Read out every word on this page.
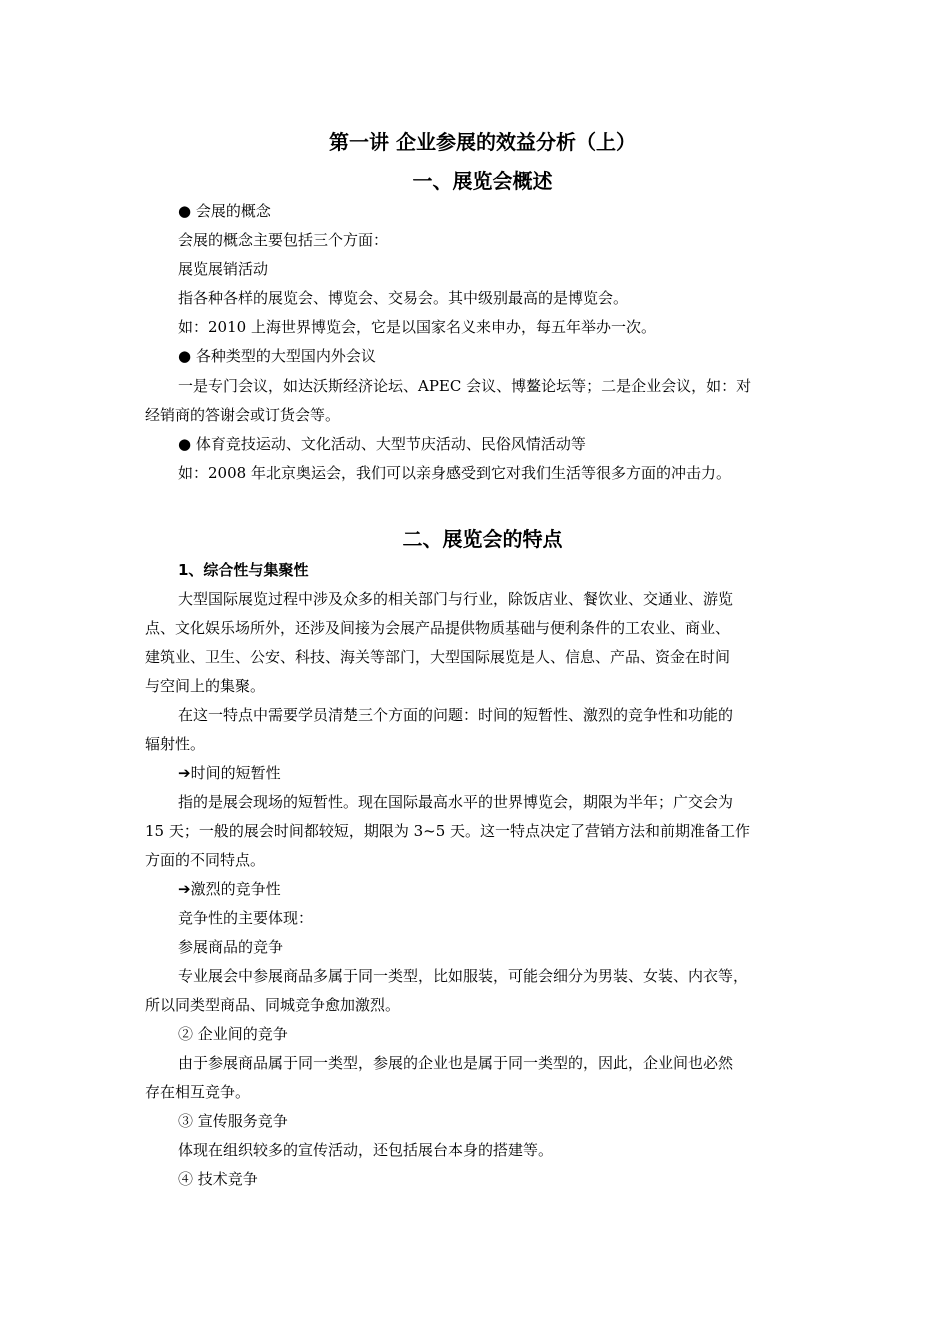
第一讲 企业参展的效益分析（上）
一、展览会概述
● 会展的概念
会展的概念主要包括三个方面：
展览展销活动
指各种各样的展览会、博览会、交易会。其中级别最高的是博览会。
如：2010 上海世界博览会，它是以国家名义来申办，每五年举办一次。
● 各种类型的大型国内外会议
一是专门会议，如达沃斯经济论坛、APEC 会议、博鳌论坛等；二是企业会议，如：对
经销商的答谢会或订货会等。
● 体育竞技运动、文化活动、大型节庆活动、民俗风情活动等
如：2008 年北京奥运会，我们可以亲身感受到它对我们生活等很多方面的冲击力。
二、展览会的特点
1、综合性与集聚性
大型国际展览过程中涉及众多的相关部门与行业，除饭店业、餐饮业、交通业、游览
点、文化娱乐场所外，还涉及间接为会展产品提供物质基础与便利条件的工农业、商业、
建筑业、卫生、公安、科技、海关等部门，大型国际展览是人、信息、产品、资金在时间
与空间上的集聚。
在这一特点中需要学员清楚三个方面的问题：时间的短暂性、激烈的竞争性和功能的
辐射性。
➔时间的短暂性
指的是展会现场的短暂性。现在国际最高水平的世界博览会，期限为半年；广交会为
15 天；一般的展会时间都较短，期限为 3~5 天。这一特点决定了营销方法和前期准备工作
方面的不同特点。
➔激烈的竞争性
竞争性的主要体现：
参展商品的竞争
专业展会中参展商品多属于同一类型，比如服装，可能会细分为男装、女装、内衣等，
所以同类型商品、同城竞争愈加激烈。
② 企业间的竞争
由于参展商品属于同一类型，参展的企业也是属于同一类型的，因此，企业间也必然
存在相互竞争。
③ 宣传服务竞争
体现在组织较多的宣传活动，还包括展台本身的搭建等。
④ 技术竞争
